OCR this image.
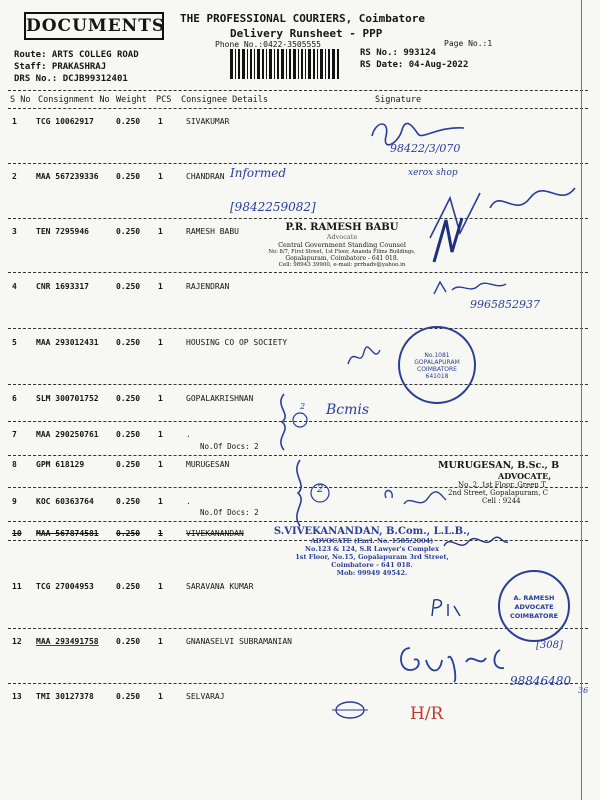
DOCUMENTS THE PROFESSIONAL COURIERS, Coimbatore
Delivery Runsheet - PPP
Phone No.:0422-3505555	Page No.:1
Route: ARTS COLLEG ROAD
Staff: PRAKASHRAJ
DRS No.: DCJB99312401
RS No.: 993124
RS Date: 04-Aug-2022
S No Consignment No Weight PCS Consignee Details	Signature
1 TCG 10062917	0.250 1	SIVAKUMAR
2 MAA 567239336 0.250 1	CHANDRAN
3 TEN 7295946	0.250 1	RAMESH BABU
4 CNR 1693317	0.250 1	RAJENDRAN
5 MAA 293012431 0.250 1	HOUSING CO OP SOCIETY
6 SLM 300701752 0.250 1	GOPALAKRISHNAN
7 MAA 290250761 0.250 1	.
No.Of Docs: 2
8 GPM 618129	0.250 1	MURUGESAN
9 KOC 60363764	0.250 1	.
No.Of Docs: 2
10 MAA 567874581 0.250 1	VIVEKANANDAN
11 TCG 27004953	0.250 1	SARAVANA KUMAR
12 MAA 293491758 0.250 1	GNANASELVI SUBRAMANIAN
13 TMI 30127378	0.250 1	SELVARAJ
98422/3/070
Informed
[9842259082]
xerox shop
P.R. RAMESH BABU
Advocate
Central Government Standing Counsel
No: 8/7, First Street, 1st Floor, Ananda Films Buildings,
Gopalapuram, Coimbatore - 641 018.
Cell: 98943 39900, e-mail: prrbadv@yahoo.in
9965852937
No.1081
GOPALAPURAM
COIMBATORE
641018
2 Bcmis
2
MURUGESAN, B.Sc., B
ADVOCATE,
No. 2, 1st Floor, Green T
2nd Street, Gopalapuram, C
Cell : 9244
S.VIVEKANANDAN, B.Com., L.L.B.,
ADVOCATE (Enrl. No. 1585/2004)
No.123 & 124, S.R Lawyer's Complex
1st Floor, No.15, Gopalapuram 3rd Street,
Coimbatore - 641 018.
Mob: 99949 49542.
A. RAMESH ADVOCATE COIMBATORE
[308]
98846480
36
H/R
